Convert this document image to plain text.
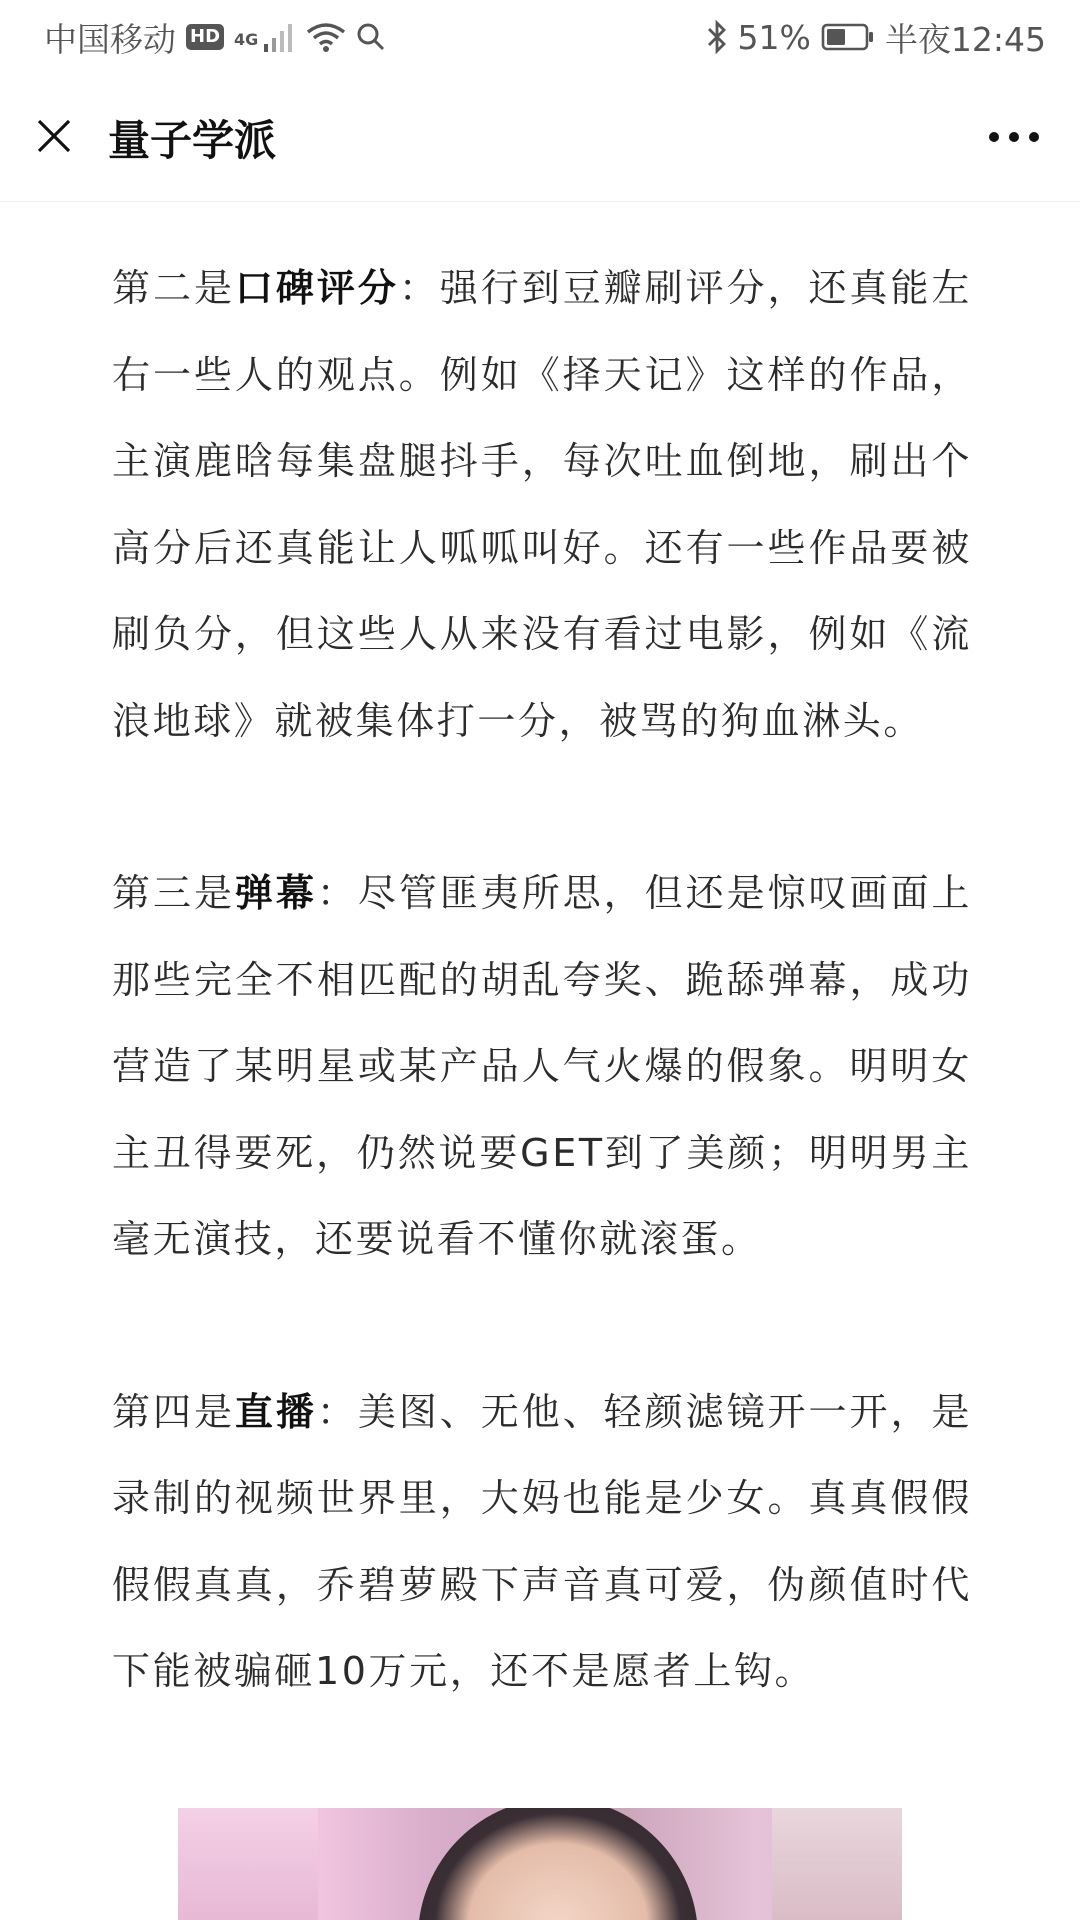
中国移动 HD 4G	51% 半夜12:45
量子学派

第二是口碑评分：强行到豆瓣刷评分，还真能左右一些人的观点。例如《择天记》这样的作品，主演鹿晗每集盘腿抖手，每次吐血倒地，刷出个高分后还真能让人呱呱叫好。还有一些作品要被刷负分，但这些人从来没有看过电影，例如《流浪地球》就被集体打一分，被骂的狗血淋头。

第三是弹幕：尽管匪夷所思，但还是惊叹画面上那些完全不相匹配的胡乱夸奖、跪舔弹幕，成功营造了某明星或某产品人气火爆的假象。明明女主丑得要死，仍然说要GET到了美颜；明明男主毫无演技，还要说看不懂你就滚蛋。

第四是直播：美图、无他、轻颜滤镜开一开，是录制的视频世界里，大妈也能是少女。真真假假假假真真，乔碧萝殿下声音真可爱，伪颜值时代下能被骗砸10万元，还不是愿者上钩。
